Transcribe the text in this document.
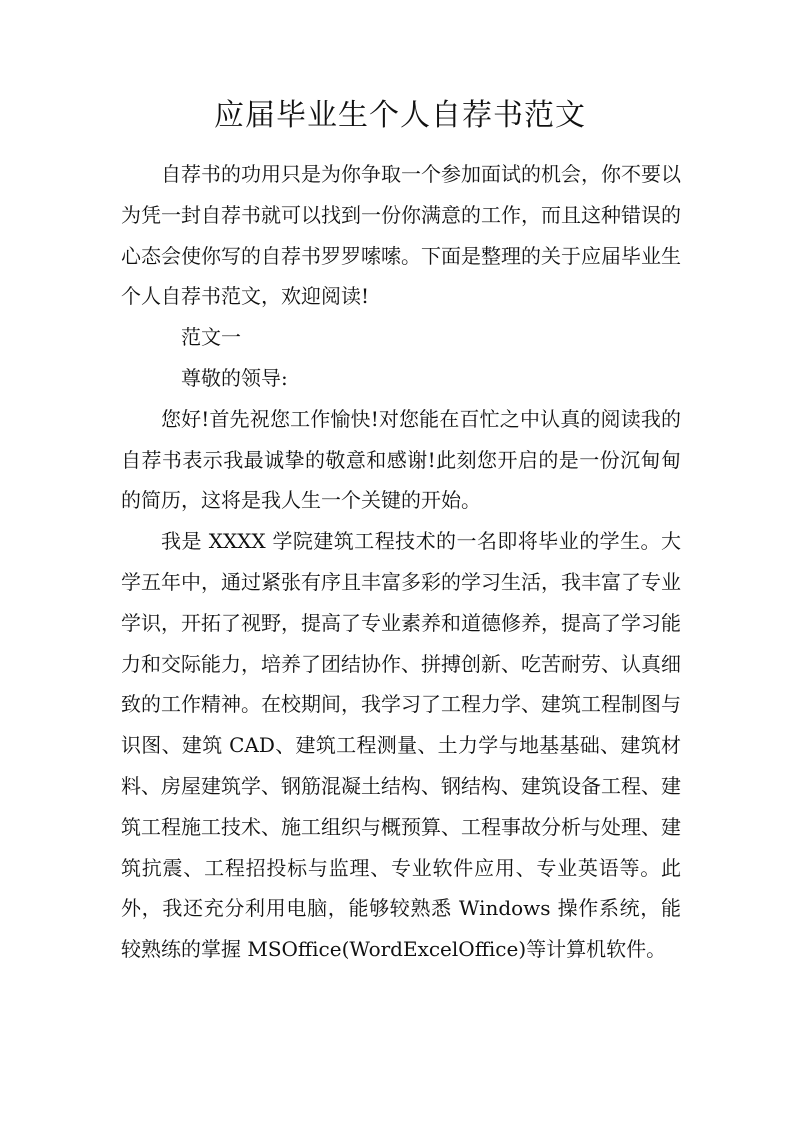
应届毕业生个人自荐书范文

自荐书的功用只是为你争取一个参加面试的机会，你不要以为凭一封自荐书就可以找到一份你满意的工作，而且这种错误的心态会使你写的自荐书罗罗嗦嗦。下面是整理的关于应届毕业生个人自荐书范文，欢迎阅读!

范文一

尊敬的领导:

您好!首先祝您工作愉快!对您能在百忙之中认真的阅读我的自荐书表示我最诚挚的敬意和感谢!此刻您开启的是一份沉甸甸的简历，这将是我人生一个关键的开始。

我是 XXXX 学院建筑工程技术的一名即将毕业的学生。大学五年中，通过紧张有序且丰富多彩的学习生活，我丰富了专业学识，开拓了视野，提高了专业素养和道德修养，提高了学习能力和交际能力，培养了团结协作、拼搏创新、吃苦耐劳、认真细致的工作精神。在校期间，我学习了工程力学、建筑工程制图与识图、建筑 CAD、建筑工程测量、土力学与地基基础、建筑材料、房屋建筑学、钢筋混凝土结构、钢结构、建筑设备工程、建筑工程施工技术、施工组织与概预算、工程事故分析与处理、建筑抗震、工程招投标与监理、专业软件应用、专业英语等。此外，我还充分利用电脑，能够较熟悉 Windows 操作系统，能较熟练的掌握 MSOffice(WordExcelOffice)等计算机软件。
